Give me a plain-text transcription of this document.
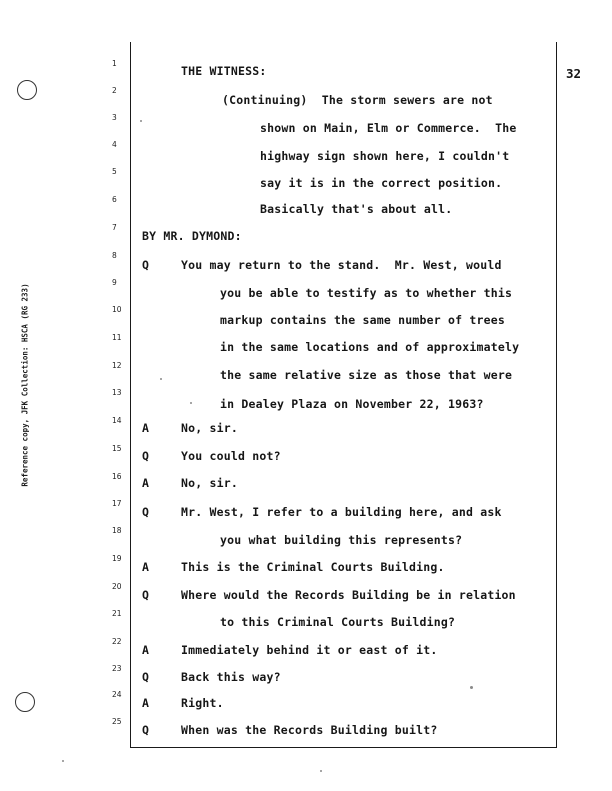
Reference copy, JFK Collection: HSCA (RG 233)
32
1
2
3
4
5
6
7
8
9
10
11
12
13
14
15
16
17
18
19
20
21
22
23
24
25
Q
A
Q
A
Q
A
Q
A
Q
A
Q
THE WITNESS:
(Continuing)  The storm sewers are not
shown on Main, Elm or Commerce.  The
highway sign shown here, I couldn't
say it is in the correct position.
Basically that's about all.
BY MR. DYMOND:
You may return to the stand.  Mr. West, would
you be able to testify as to whether this
markup contains the same number of trees
in the same locations and of approximately
the same relative size as those that were
in Dealey Plaza on November 22, 1963?
No, sir.
You could not?
No, sir.
Mr. West, I refer to a building here, and ask
you what building this represents?
This is the Criminal Courts Building.
Where would the Records Building be in relation
to this Criminal Courts Building?
Immediately behind it or east of it.
Back this way?
Right.
When was the Records Building built?
